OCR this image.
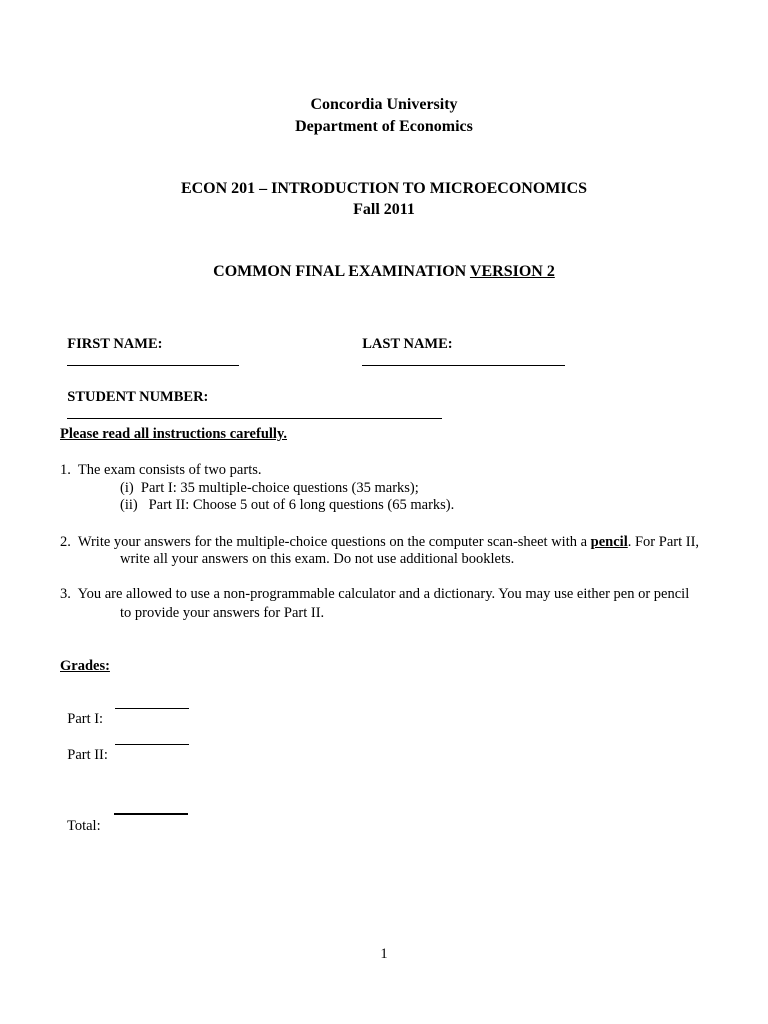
Concordia University
Department of Economics
ECON 201 – INTRODUCTION TO MICROECONOMICS
Fall 2011
COMMON FINAL EXAMINATION VERSION 2

FIRST NAME:
	LAST NAME:

STUDENT NUMBER:

Please read all instructions carefully.
1.  The exam consists of two parts.
(i)  Part I: 35 multiple-choice questions (35 marks);
(ii)   Part II: Choose 5 out of 6 long questions (65 marks).
2.  Write your answers for the multiple-choice questions on the computer scan-sheet with a pencil. For Part II,
write all your answers on this exam. Do not use additional booklets.
3.  You are allowed to use a non-programmable calculator and a dictionary. You may use either pen or pencil
to provide your answers for Part II.
Grades:

Part I:

Part II:

Total:

1
